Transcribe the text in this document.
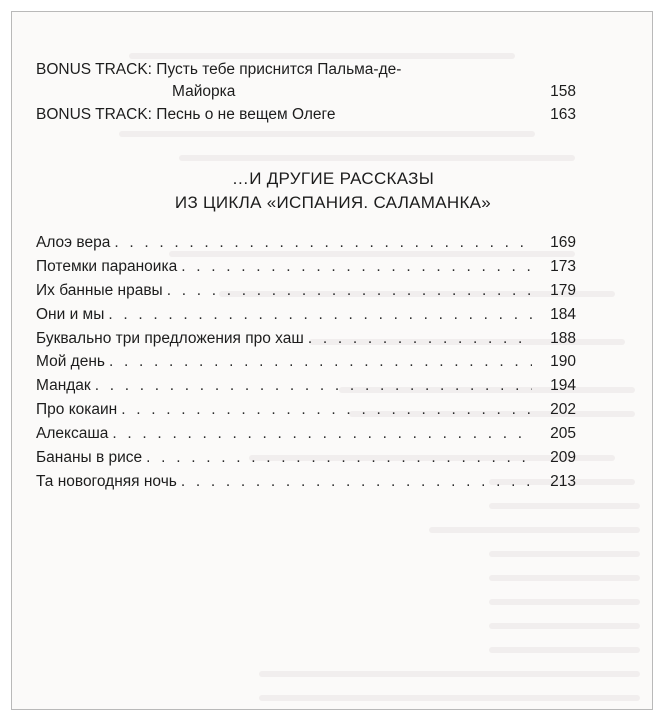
BONUS TRACK: Пусть тебе приснится Пальма-де-
Майорка	158
BONUS TRACK: Песнь о не вещем Олеге	163
…И ДРУГИЕ РАССКАЗЫ
ИЗ ЦИКЛА «ИСПАНИЯ. САЛАМАНКА»
Алоэ вера . . .	169
Потемки параноика . . .	173
Их банные нравы . . .	179
Они и мы . . .	184
Буквально три предложения про хаш . . .	188
Мой день . . .	190
Мандак . . .	194
Про кокаин . . .	202
Алексаша . . .	205
Бананы в рисе . . .	209
Та новогодняя ночь . . .	213
